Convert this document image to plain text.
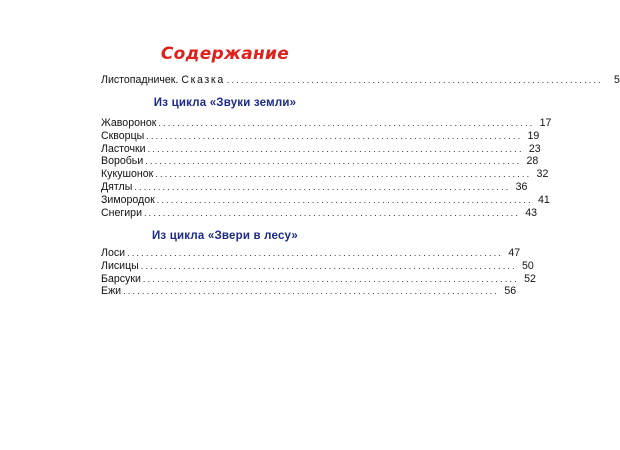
Содержание
Листопадничек. Сказка ................................................................................	5
Из цикла «Звуки земли»
Жаворонок ................................................................................ 17
Скворцы ................................................................................ 19
Ласточки ................................................................................ 23
Воробьи ................................................................................ 28
Кукушонок ................................................................................ 32
Дятлы ................................................................................ 36
Зимородок ................................................................................ 41
Снегири ................................................................................ 43
Из цикла «Звери в лесу»
Лоси ................................................................................ 47
Лисицы ................................................................................ 50
Барсуки ................................................................................ 52
Ежи ................................................................................ 56
